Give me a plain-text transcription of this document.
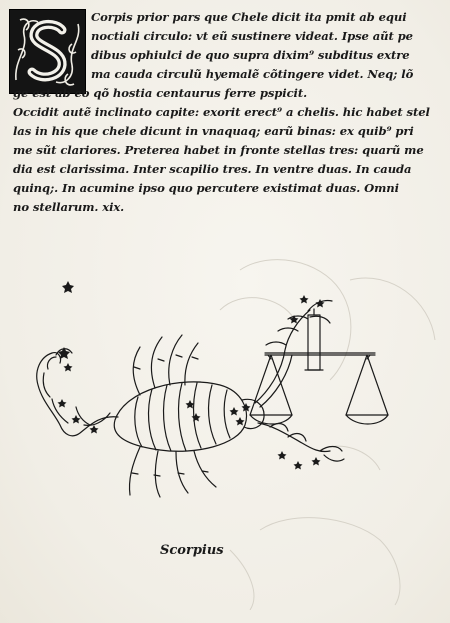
Corpis prior pars que Chele dicit ita pmit ab equi
noctiali circulo: vt eũ sustinere videat. Ipse aũt pe
dibus ophiulci de quo supra dixim⁹ subditus extre
ma cauda circulũ hyemalẽ cõtingere videt. Neq; lõ
ge est ab eo qõ hostia centaurus ferre pspicit.
Occidit autẽ inclinato capite: exorit erect⁹ a chelis. hic habet stel
las in his que chele dicunt in vnaquaq; earũ binas: ex quib⁹ pri
me sũt clariores. Preterea habet in fronte stellas tres: quarũ me
dia est clarissima. Inter scapilio tres. In ventre duas. In cauda
quinq;. In acumine ipso quo percutere existimat duas. Omni
no stellarum. xix.
Scorpius
